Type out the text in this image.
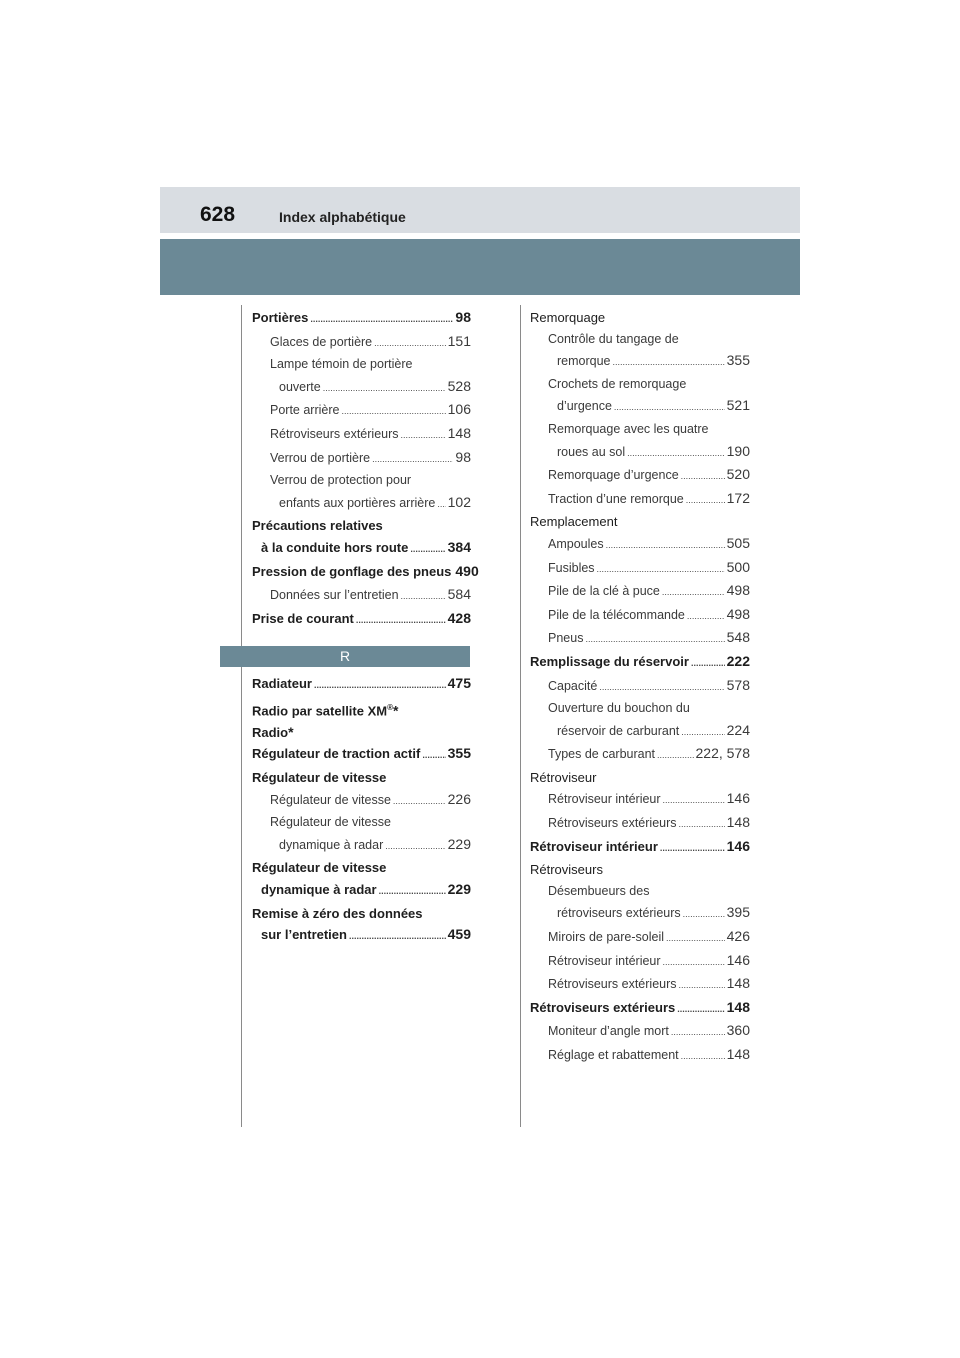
628	Index alphabétique
Portières .....	98
Glaces de portière .....	151
Lampe témoin de portière
ouverte .....	528
Porte arrière .....	106
Rétroviseurs extérieurs .....	148
Verrou de portière .....	98
Verrou de protection pour
enfants aux portières arrière ..... 102
Précautions relatives
à la conduite hors route .....	384
Pression de gonflage des pneus 490
Données sur l’entretien .....	584
Prise de courant .....	428
R
Radiateur .....	475
Radio par satellite XM®*
Radio*
Régulateur de traction actif ..... 355
Régulateur de vitesse
Régulateur de vitesse .....	226
Régulateur de vitesse
dynamique à radar .....	229
Régulateur de vitesse
dynamique à radar .....	229
Remise à zéro des données
sur l’entretien .....	459
Remorquage
Contrôle du tangage de
remorque .....	355
Crochets de remorquage
d’urgence .....	521
Remorquage avec les quatre
roues au sol .....	190
Remorquage d’urgence .....	520
Traction d’une remorque .....	172
Remplacement
Ampoules .....	505
Fusibles .....	500
Pile de la clé à puce .....	498
Pile de la télécommande .....	498
Pneus .....	548
Remplissage du réservoir .....	222
Capacité .....	578
Ouverture du bouchon du
réservoir de carburant .....	224
Types de carburant .....	222, 578
Rétroviseur
Rétroviseur intérieur .....	146
Rétroviseurs extérieurs .....	148
Rétroviseur intérieur .....	146
Rétroviseurs
Désembueurs des
rétroviseurs extérieurs .....	395
Miroirs de pare-soleil .....	426
Rétroviseur intérieur .....	146
Rétroviseurs extérieurs .....	148
Rétroviseurs extérieurs .....	148
Moniteur d’angle mort .....	360
Réglage et rabattement .....	148
